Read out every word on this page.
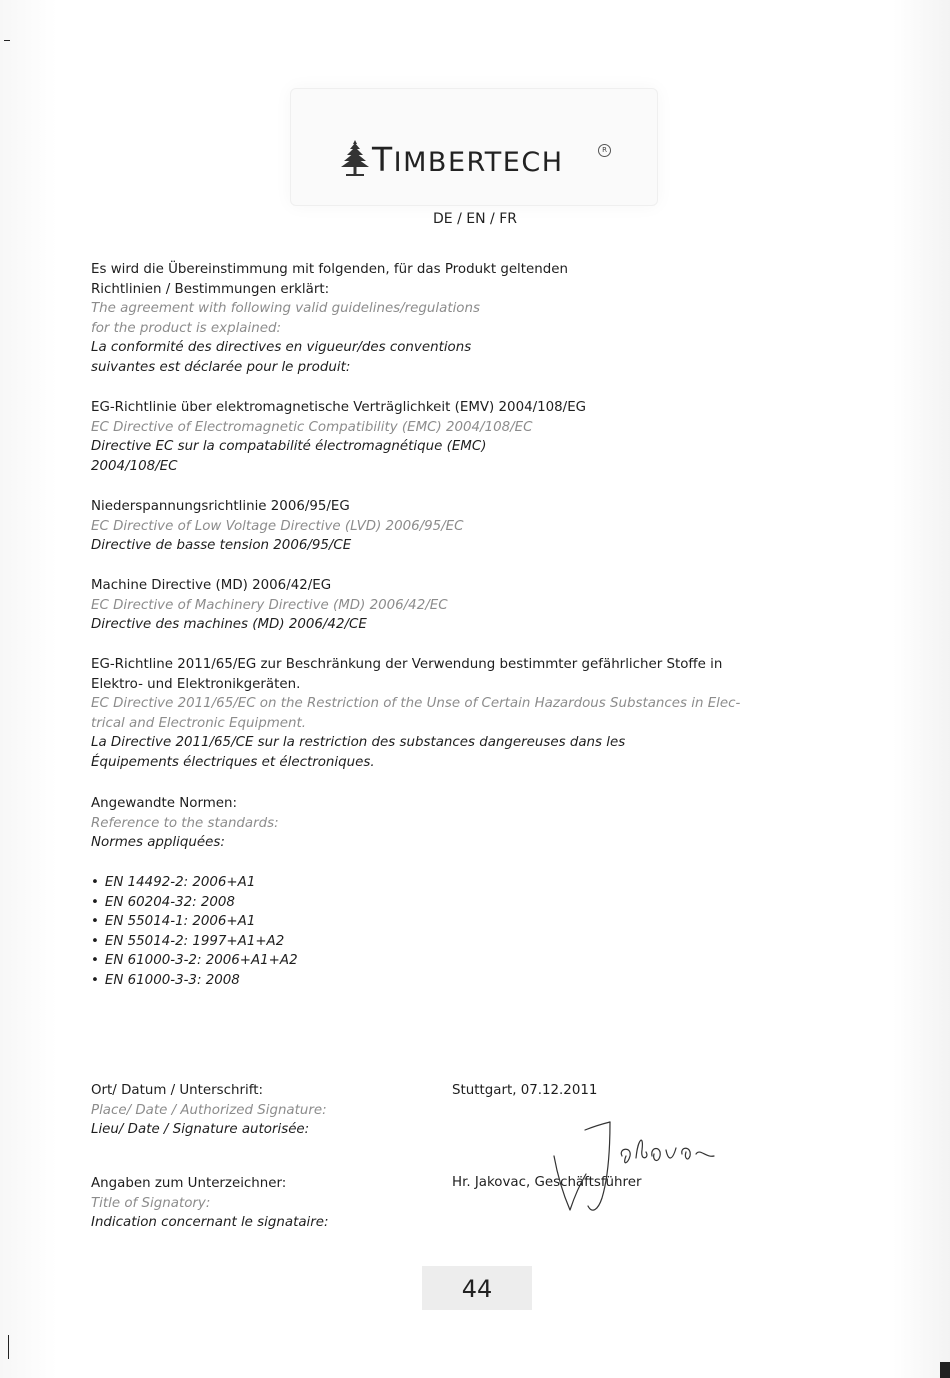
TIMBERTECH	R
DE / EN / FR
Es wird die Übereinstimmung mit folgenden, für das Produkt geltenden
Richtlinien / Bestimmungen erklärt:
The agreement with following valid guidelines/regulations
for the product is explained:
La conformité des directives en vigueur/des conventions
suivantes est déclarée pour le produit:
EG-Richtlinie über elektromagnetische Verträglichkeit (EMV) 2004/108/EG
EC Directive of Electromagnetic Compatibility (EMC) 2004/108/EC
Directive EC sur la compatabilité électromagnétique (EMC)
2004/108/EC
Niederspannungsrichtlinie 2006/95/EG
EC Directive of Low Voltage Directive (LVD) 2006/95/EC
Directive de basse tension 2006/95/CE
Machine Directive (MD) 2006/42/EG
EC Directive of Machinery Directive (MD) 2006/42/EC
Directive des machines (MD) 2006/42/CE
EG-Richtline 2011/65/EG zur Beschränkung der Verwendung bestimmter gefährlicher Stoffe in
Elektro- und Elektronikgeräten.
EC Directive 2011/65/EC on the Restriction of the Unse of Certain Hazardous Substances in Elec-
trical and Electronic Equipment.
La Directive 2011/65/CE sur la restriction des substances dangereuses dans les
Équipements électriques et électroniques.
Angewandte Normen:
Reference to the standards:
Normes appliquées:
• EN 14492-2: 2006+A1
• EN 60204-32: 2008
• EN 55014-1: 2006+A1
• EN 55014-2: 1997+A1+A2
• EN 61000-3-2: 2006+A1+A2
• EN 61000-3-3: 2008
Ort/ Datum / Unterschrift:
Place/ Date / Authorized Signature:
Lieu/ Date / Signature autorisée:
Stuttgart, 07.12.2011
Angaben zum Unterzeichner:
Title of Signatory:
Indication concernant le signataire:
Hr. Jakovac, Geschäftsführer
44
